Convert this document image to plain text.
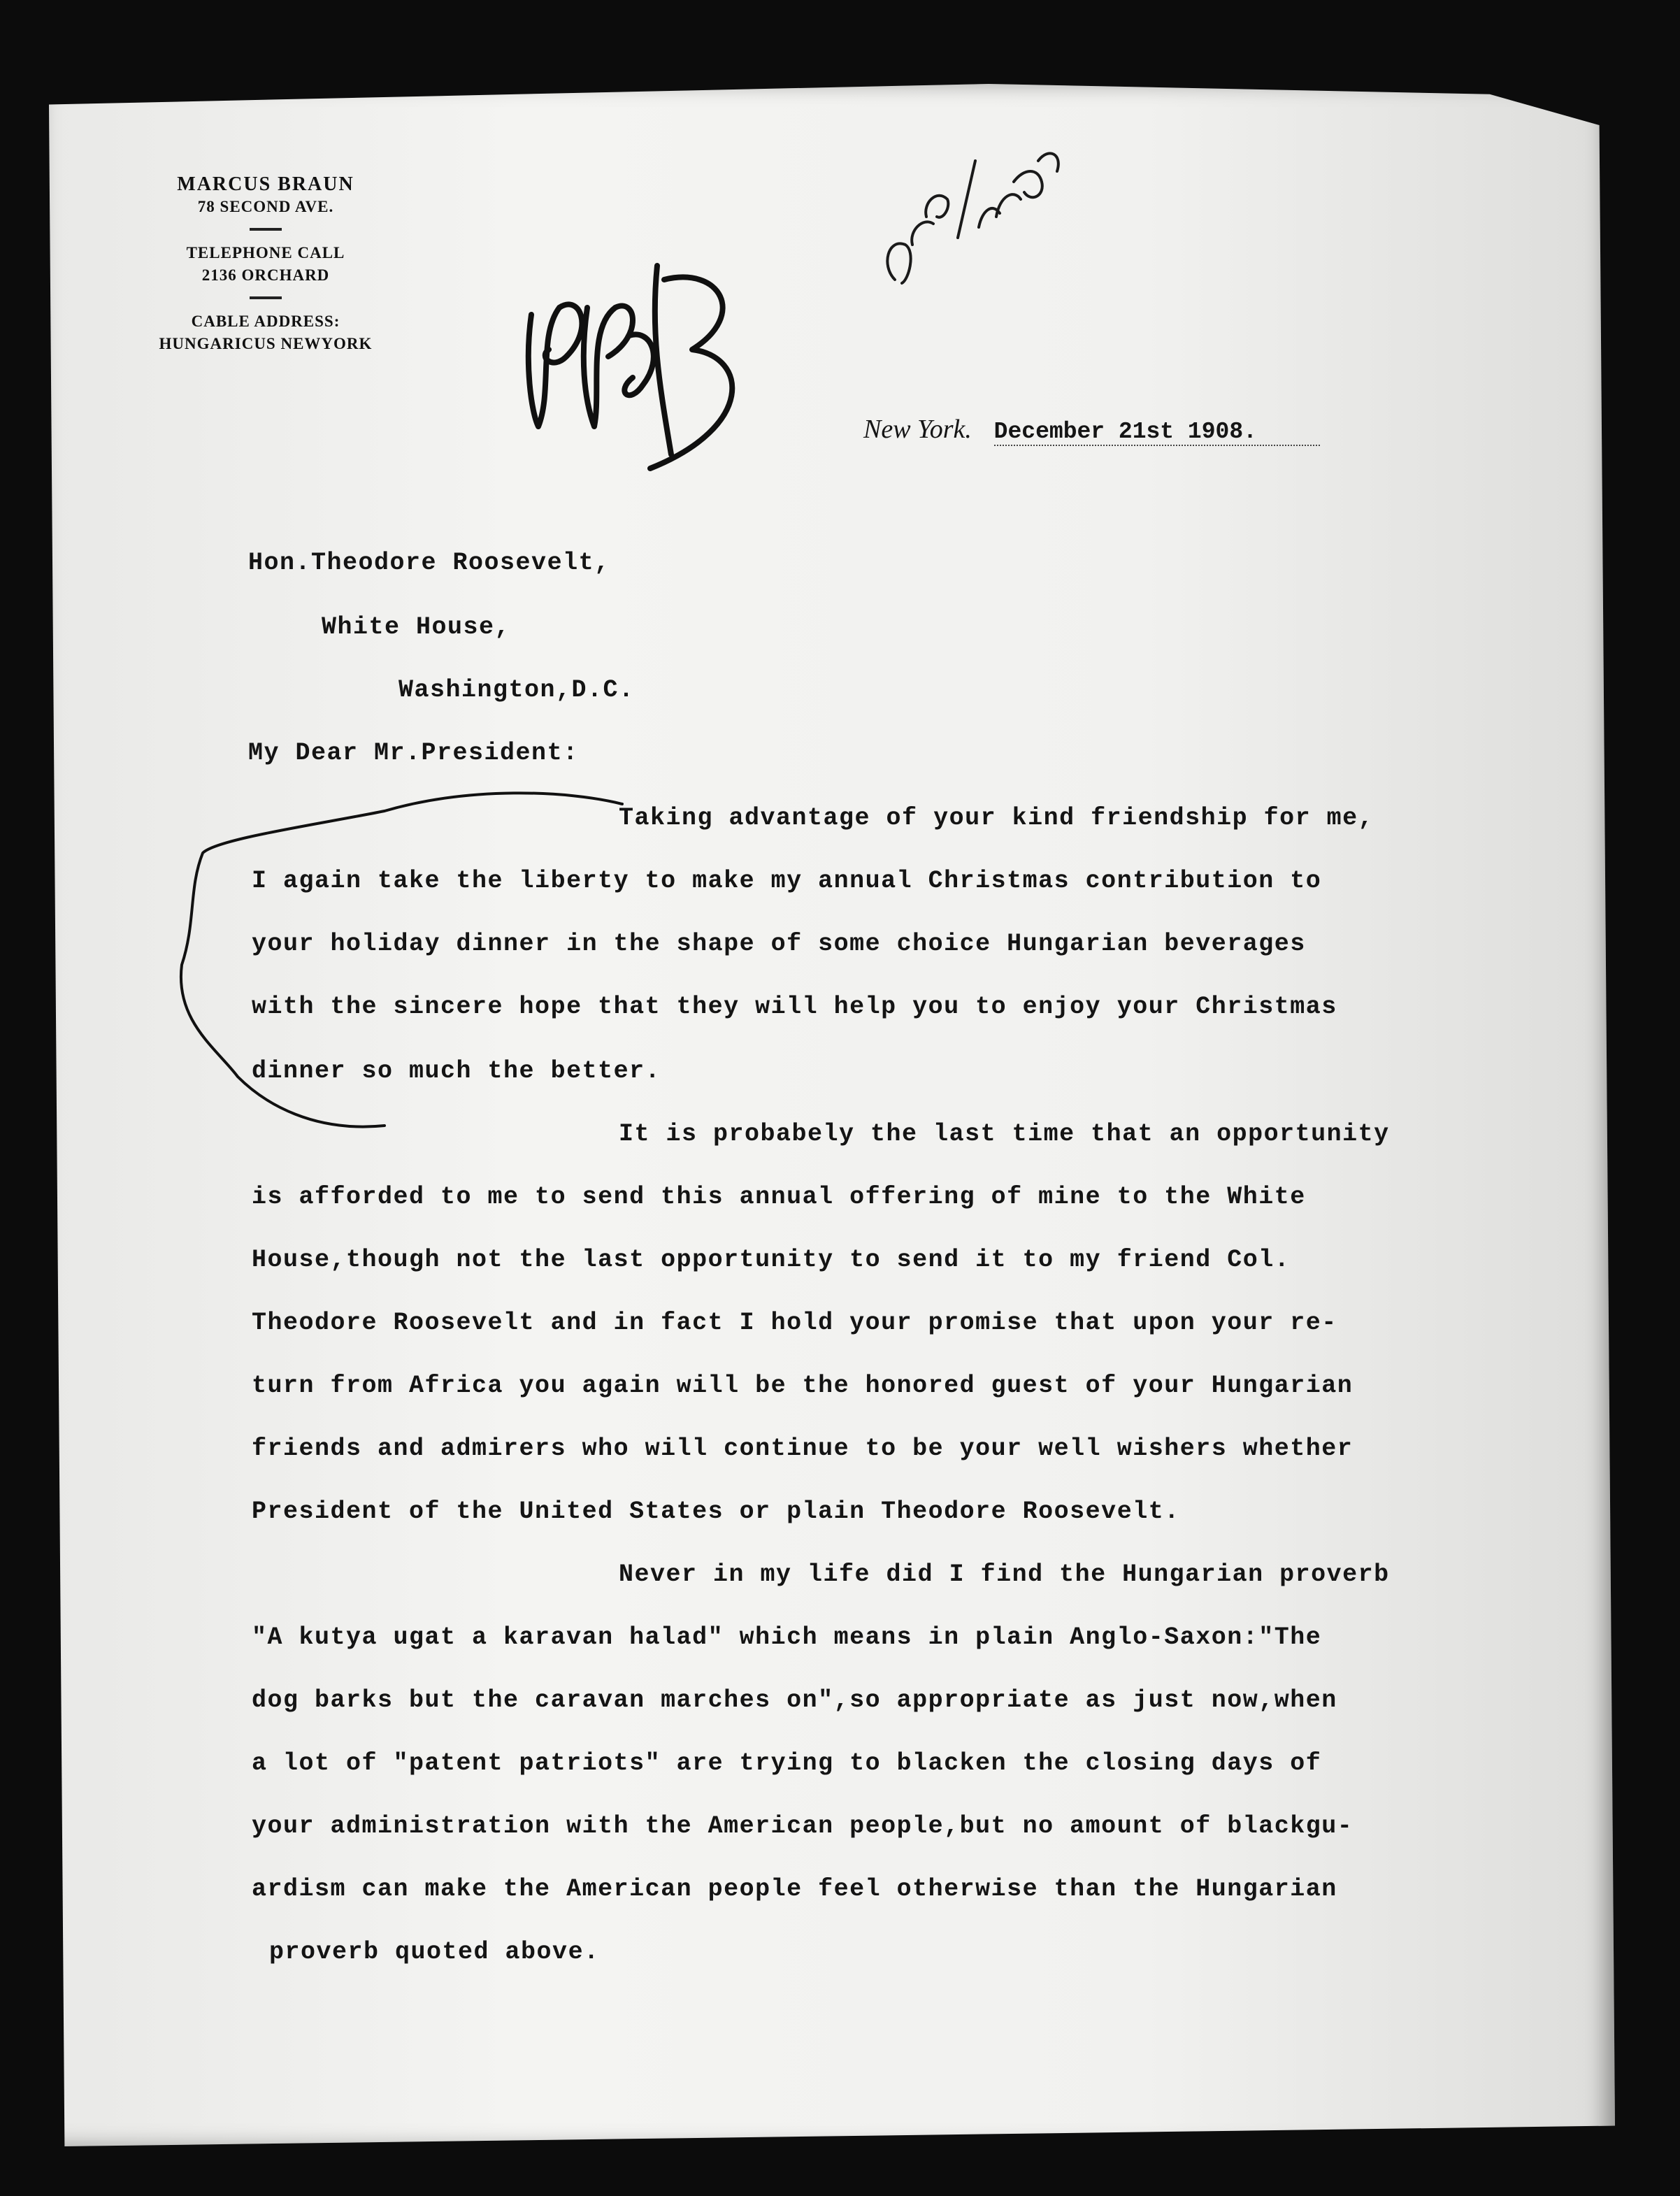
MARCUS BRAUN
78 SECOND AVE.
TELEPHONE CALL
2136 ORCHARD
CABLE ADDRESS:
HUNGARICUS NEWYORK
New York. December 21st 1908.
Hon.Theodore Roosevelt,
White House,
Washington,D.C.
My Dear Mr.President:
Taking advantage of your kind friendship for me,
I again take the liberty to make my annual Christmas contribution to
your holiday dinner in the shape of some choice Hungarian beverages
with the sincere hope that they will help you to enjoy your Christmas
dinner so much the better.
It is probabely the last time that an opportunity
is afforded to me to send this annual offering of mine to the White
House,though not the last opportunity to send it to my friend Col.
Theodore Roosevelt and in fact I hold your promise that upon your re-
turn from Africa you again will be the honored guest of your Hungarian
friends and admirers who will continue to be your well wishers whether
President of the United States or plain Theodore Roosevelt.
Never in my life did I find the Hungarian proverb
"A kutya ugat a karavan halad" which means in plain Anglo-Saxon:"The
dog barks but the caravan marches on",so appropriate as just now,when
a lot of "patent patriots" are trying to blacken the closing days of
your administration with the American people,but no amount of blackgu-
ardism can make the American people feel otherwise than the Hungarian
proverb quoted above.
